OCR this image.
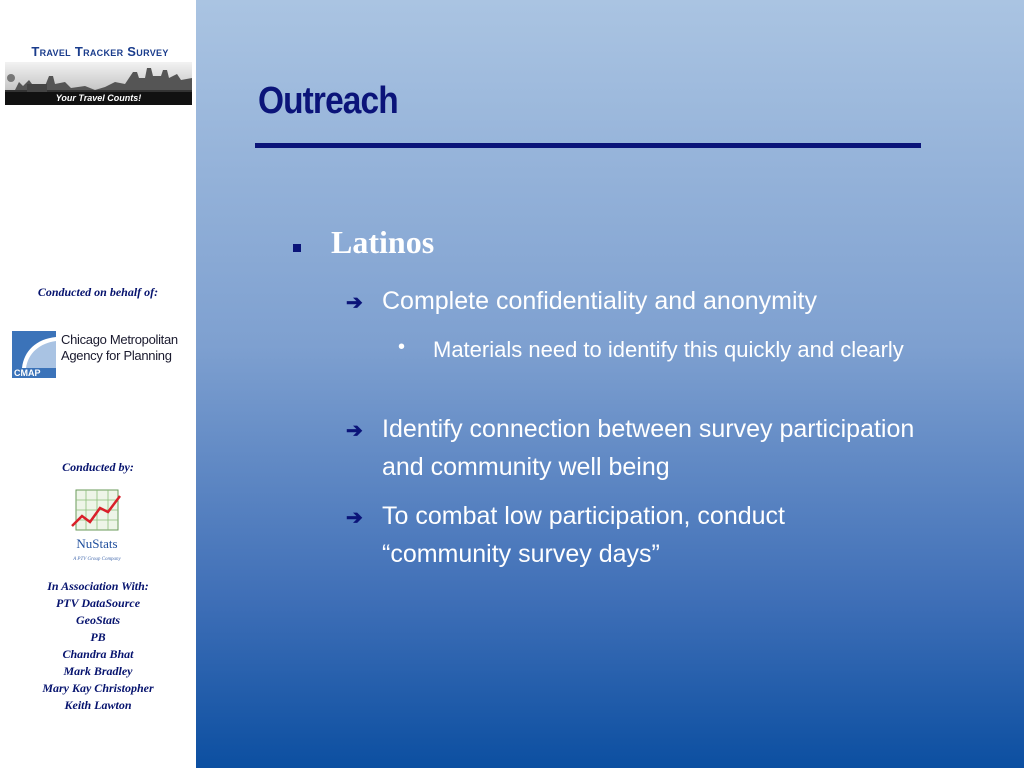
Travel Tracker Survey
Your Travel Counts!
Conducted on behalf of:
CMAP
Chicago Metropolitan
Agency for Planning
Conducted by:
NuStats
A PTV Group Company
In Association With:
PTV DataSource
GeoStats
PB
Chandra Bhat
Mark Bradley
Mary Kay Christopher
Keith Lawton
Outreach
Latinos
➔ Complete confidentiality and anonymity
• Materials need to identify this quickly and clearly
➔ Identify connection between survey participation and community well being
➔ To combat low participation, conduct “community survey days”
